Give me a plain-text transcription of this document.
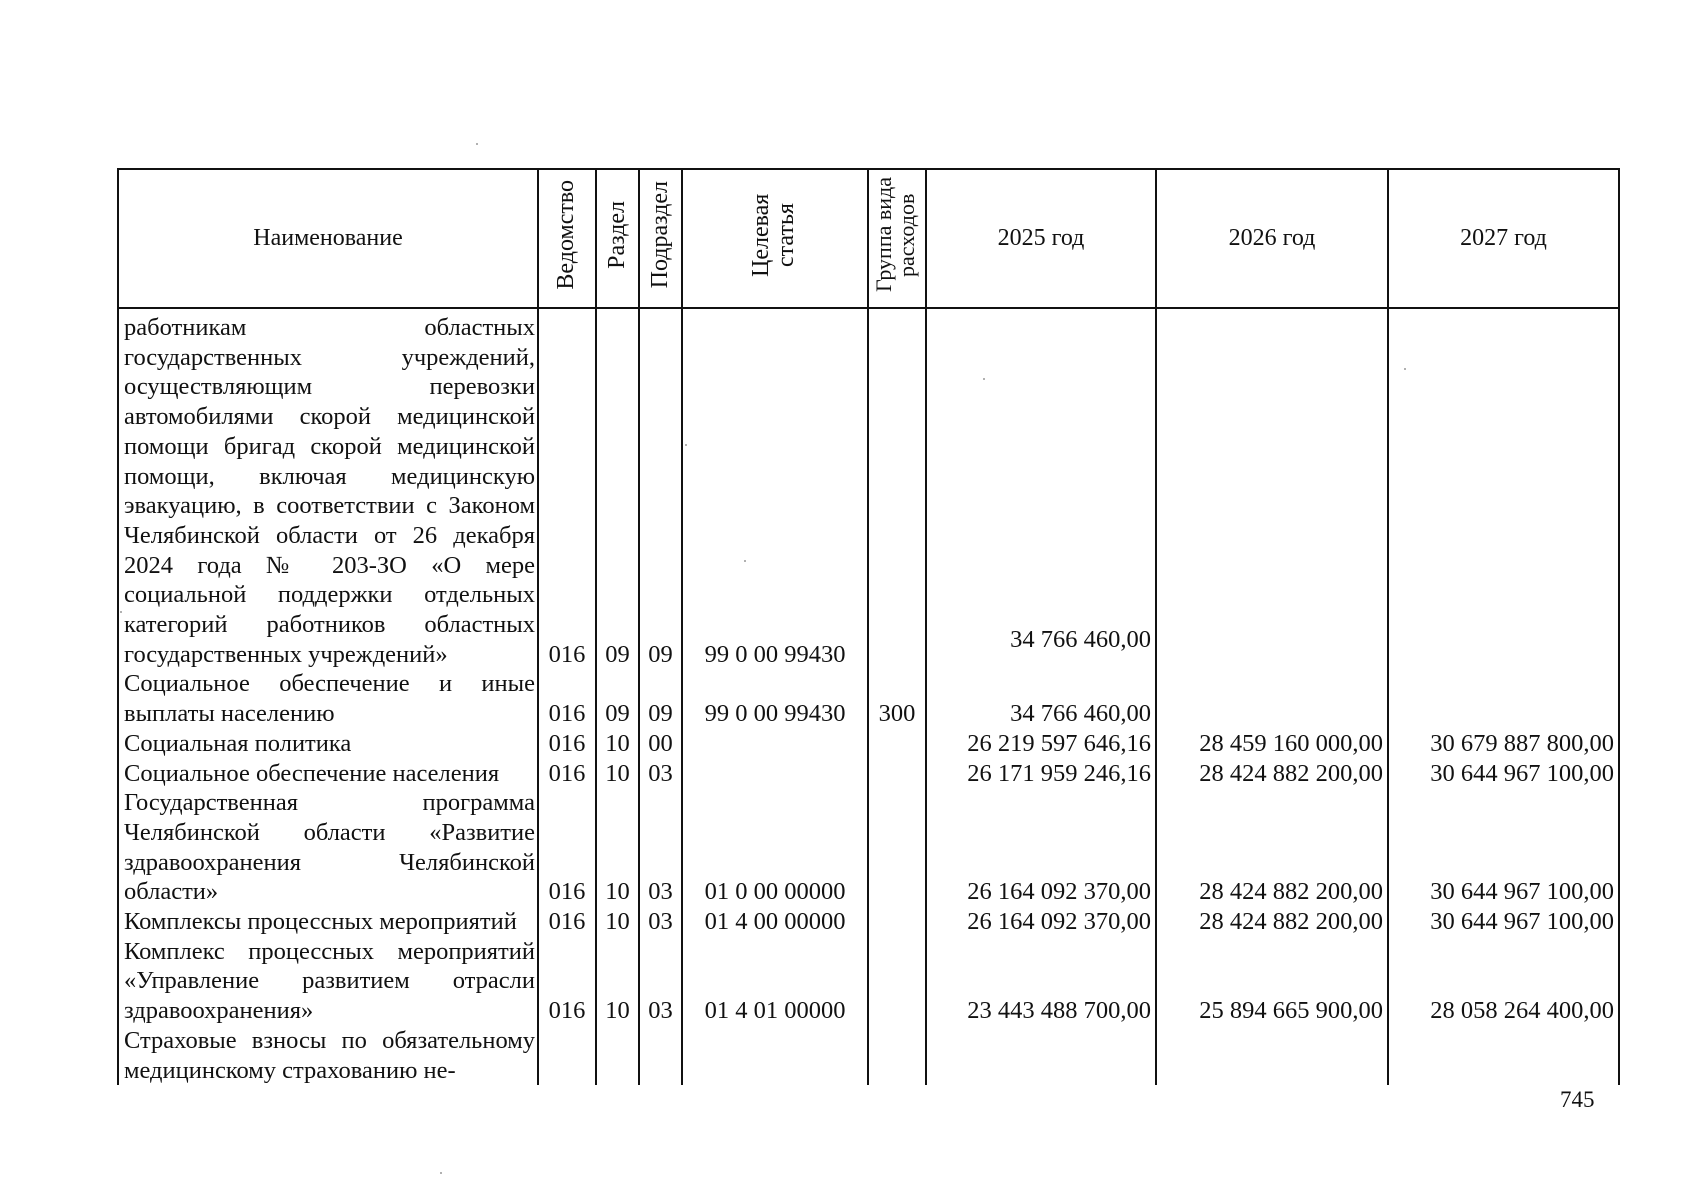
Наименование	Ведомство	Раздел	Подраздел	Целевая статья	Группа вида расходов	2025 год	2026 год	2027 год
работникам областных государственных учреждений, осуществляющим перевозки автомобилями скорой медицинской помощи бригад скорой медицинской помощи, включая медицинскую эвакуацию, в соответствии с Законом Челябинской области от 26 декабря 2024 года № 203-ЗО «О мере социальной поддержки отдельных категорий работников областных государственных учреждений»	016	09	09	99 0 00 99430		34 766 460,00		
Социальное обеспечение и иные выплаты населению	016	09	09	99 0 00 99430	300	34 766 460,00		
Социальная политика	016	10	00			26 219 597 646,16	28 459 160 000,00	30 679 887 800,00
Социальное обеспечение населения	016	10	03			26 171 959 246,16	28 424 882 200,00	30 644 967 100,00
Государственная программа Челябинской области «Развитие здравоохранения Челябинской области»	016	10	03	01 0 00 00000		26 164 092 370,00	28 424 882 200,00	30 644 967 100,00
Комплексы процессных мероприятий	016	10	03	01 4 00 00000		26 164 092 370,00	28 424 882 200,00	30 644 967 100,00
Комплекс процессных мероприятий «Управление развитием отрасли здравоохранения»	016	10	03	01 4 01 00000		23 443 488 700,00	25 894 665 900,00	28 058 264 400,00
Страховые взносы по обязательному медицинскому страхованию не-								
745
